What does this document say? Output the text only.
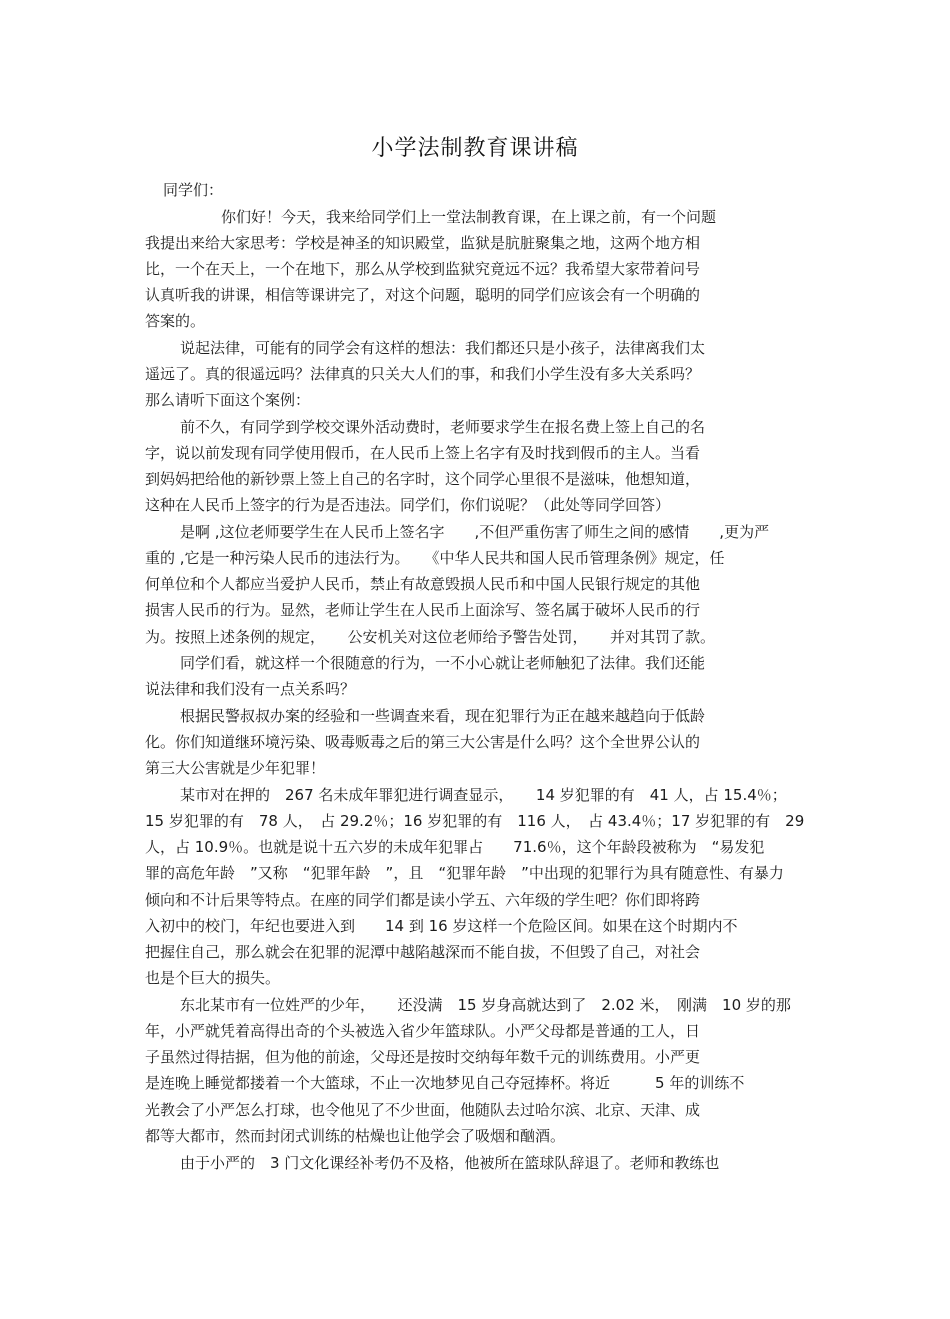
小学法制教育课讲稿
同学们：
你们好！今天，我来给同学们上一堂法制教育课，在上课之前，有一个问题
我提出来给大家思考：学校是神圣的知识殿堂，监狱是肮脏聚集之地，这两个地方相
比，一个在天上，一个在地下，那么从学校到监狱究竟远不远？我希望大家带着问号
认真听我的讲课，相信等课讲完了，对这个问题，聪明的同学们应该会有一个明确的
答案的。
说起法律，可能有的同学会有这样的想法：我们都还只是小孩子，法律离我们太
遥远了。真的很遥远吗？法律真的只关大人们的事，和我们小学生没有多大关系吗？
那么请听下面这个案例：
前不久，有同学到学校交课外活动费时，老师要求学生在报名费上签上自己的名
字，说以前发现有同学使用假币，在人民币上签上名字有及时找到假币的主人。当看
到妈妈把给他的新钞票上签上自己的名字时，这个同学心里很不是滋味，他想知道，
这种在人民币上签字的行为是否违法。同学们，你们说呢？（此处等同学回答）
是啊 ,这位老师要学生在人民币上签名字　　,不但严重伤害了师生之间的感情　　,更为严
重的 ,它是一种污染人民币的违法行为。　　《中华人民共和国人民币管理条例》规定，任
何单位和个人都应当爱护人民币，禁止有故意毁损人民币和中国人民银行规定的其他
损害人民币的行为。显然，老师让学生在人民币上面涂写、签名属于破坏人民币的行
为。按照上述条例的规定，　　公安机关对这位老师给予警告处罚，　　并对其罚了款。
同学们看，就这样一个很随意的行为，一不小心就让老师触犯了法律。我们还能
说法律和我们没有一点关系吗？
根据民警叔叔办案的经验和一些调查来看，现在犯罪行为正在越来越趋向于低龄
化。你们知道继环境污染、吸毒贩毒之后的第三大公害是什么吗？这个全世界公认的
第三大公害就是少年犯罪！
某市对在押的　267 名未成年罪犯进行调查显示，　　14 岁犯罪的有　41 人，占 15.4％；
15 岁犯罪的有　78 人，　占 29.2％；16 岁犯罪的有　116 人，　占 43.4％；17 岁犯罪的有　29
人，占 10.9％。也就是说十五六岁的未成年犯罪占　　71.6％，这个年龄段被称为　“易发犯
罪的高危年龄　”又称　“犯罪年龄　”，且　“犯罪年龄　”中出现的犯罪行为具有随意性、有暴力
倾向和不计后果等特点。在座的同学们都是读小学五、六年级的学生吧？你们即将跨
入初中的校门，年纪也要进入到　　14 到 16 岁这样一个危险区间。如果在这个时期内不
把握住自己，那么就会在犯罪的泥潭中越陷越深而不能自拔，不但毁了自己，对社会
也是个巨大的损失。
东北某市有一位姓严的少年，　　还没满　15 岁身高就达到了　2.02 米，　刚满　10 岁的那
年，小严就凭着高得出奇的个头被选入省少年篮球队。小严父母都是普通的工人，日
子虽然过得拮据，但为他的前途，父母还是按时交纳每年数千元的训练费用。小严更
是连晚上睡觉都搂着一个大篮球，不止一次地梦见自己夺冠捧杯。将近　　　5 年的训练不
光教会了小严怎么打球，也令他见了不少世面，他随队去过哈尔滨、北京、天津、成
都等大都市，然而封闭式训练的枯燥也让他学会了吸烟和酗酒。
由于小严的　3 门文化课经补考仍不及格，他被所在篮球队辞退了。老师和教练也
